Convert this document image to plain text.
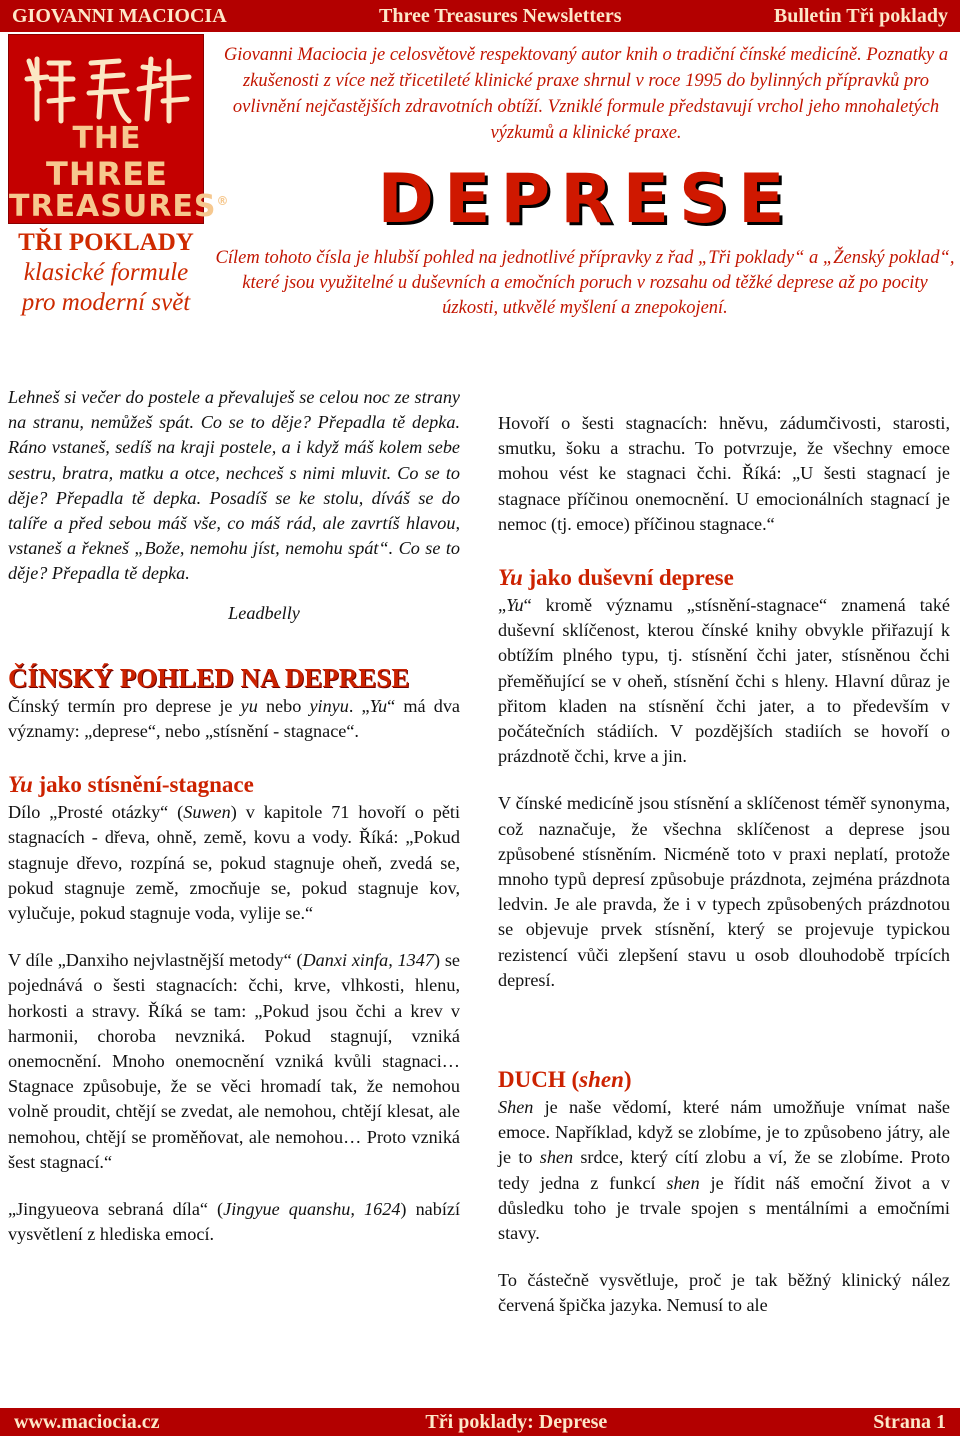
GIOVANNI MACIOCIA	Three Treasures Newsletters	Bulletin Tři poklady
THE
THREE
TREASURES®
TŘI POKLADY
klasické formule
pro moderní svět
Giovanni Maciocia je celosvětově respektovaný autor knih o tradiční čínské medicíně. Poznatky a zkušenosti z více než třicetileté klinické praxe shrnul v roce 1995 do bylinných přípravků pro ovlivnění nejčastějších zdravotních obtíží. Vzniklé formule představují vrchol jeho mnohaletých výzkumů a klinické praxe.
DEPRESE
Cílem tohoto čísla je hlubší pohled na jednotlivé přípravky z řad „Tři poklady“ a „Ženský poklad“, které jsou využitelné u duševních a emočních poruch v rozsahu od těžké deprese až po pocity úzkosti, utkvělé myšlení a znepokojení.

Lehneš si večer do postele a převaluješ se celou noc ze strany na stranu, nemůžeš spát. Co se to děje? Přepadla tě depka. Ráno vstaneš, sedíš na kraji postele, a i když máš kolem sebe sestru, bratra, matku a otce, nechceš s nimi mluvit. Co se to děje? Přepadla tě depka. Posadíš se ke stolu, díváš se do talíře a před sebou máš vše, co máš rád, ale zavrtíš hlavou, vstaneš a řekneš „Bože, nemohu jíst, nemohu spát“. Co se to děje? Přepadla tě depka.

Leadbelly

ČÍNSKÝ POHLED NA DEPRESE

Čínský termín pro deprese je yu nebo yinyu. „Yu“ má dva významy: „deprese“, nebo „stísnění - stagnace“.

Yu jako stísnění-stagnace

Dílo „Prosté otázky“ (Suwen) v kapitole 71 hovoří o pěti stagnacích - dřeva, ohně, země, kovu a vody. Říká: „Pokud stagnuje dřevo, rozpíná se, pokud stagnuje oheň, zvedá se, pokud stagnuje země, zmocňuje se, pokud stagnuje kov, vylučuje, pokud stagnuje voda, vylije se.“

V díle „Danxiho nejvlastnější metody“ (Danxi xinfa, 1347) se pojednává o šesti stagnacích: čchi, krve, vlhkosti, hlenu, horkosti a stravy. Říká se tam: „Pokud jsou čchi a krev v harmonii, choroba nevzniká. Pokud stagnují, vzniká onemocnění. Mnoho onemocnění vzniká kvůli stagnaci… Stagnace způsobuje, že se věci hromadí tak, že nemohou volně proudit, chtějí se zvedat, ale nemohou, chtějí klesat, ale nemohou, chtějí se proměňovat, ale nemohou… Proto vzniká šest stagnací.“

„Jingyueova sebraná díla“ (Jingyue quanshu, 1624) nabízí vysvětlení z hlediska emocí.

Hovoří o šesti stagnacích: hněvu, zádumčivosti, starosti, smutku, šoku a strachu. To potvrzuje, že všechny emoce mohou vést ke stagnaci čchi. Říká: „U šesti stagnací je stagnace příčinou onemocnění. U emocionálních stagnací je nemoc (tj. emoce) příčinou stagnace.“

Yu jako duševní deprese

„Yu“ kromě významu „stísnění-stagnace“ znamená také duševní sklíčenost, kterou čínské knihy obvykle přiřazují k obtížím plného typu, tj. stísnění čchi jater, stísněnou čchi přeměňující se v oheň, stísnění čchi s hleny. Hlavní důraz je přitom kladen na stísnění čchi jater, a to především v počátečních stádiích. V pozdějších stadiích se hovoří o prázdnotě čchi, krve a jin.

V čínské medicíně jsou stísnění a sklíčenost téměř synonyma, což naznačuje, že všechna sklíčenost a deprese jsou způsobené stísněním. Nicméně toto v praxi neplatí, protože mnoho typů depresí způsobuje prázdnota, zejména prázdnota ledvin. Je ale pravda, že i v typech způsobených prázdnotou se objevuje prvek stísnění, který se projevuje typickou rezistencí vůči zlepšení stavu u osob dlouhodobě trpících depresí.

DUCH (shen)

Shen je naše vědomí, které nám umožňuje vnímat naše emoce. Například, když se zlobíme, je to způsobeno játry, ale je to shen srdce, který cítí zlobu a ví, že se zlobíme. Proto tedy jedna z funkcí shen je řídit náš emoční život a v důsledku toho je trvale spojen s mentálními a emočními stavy.

To částečně vysvětluje, proč je tak běžný klinický nález červená špička jazyka. Nemusí to ale

www.maciocia.cz	Tři poklady: Deprese	Strana 1
